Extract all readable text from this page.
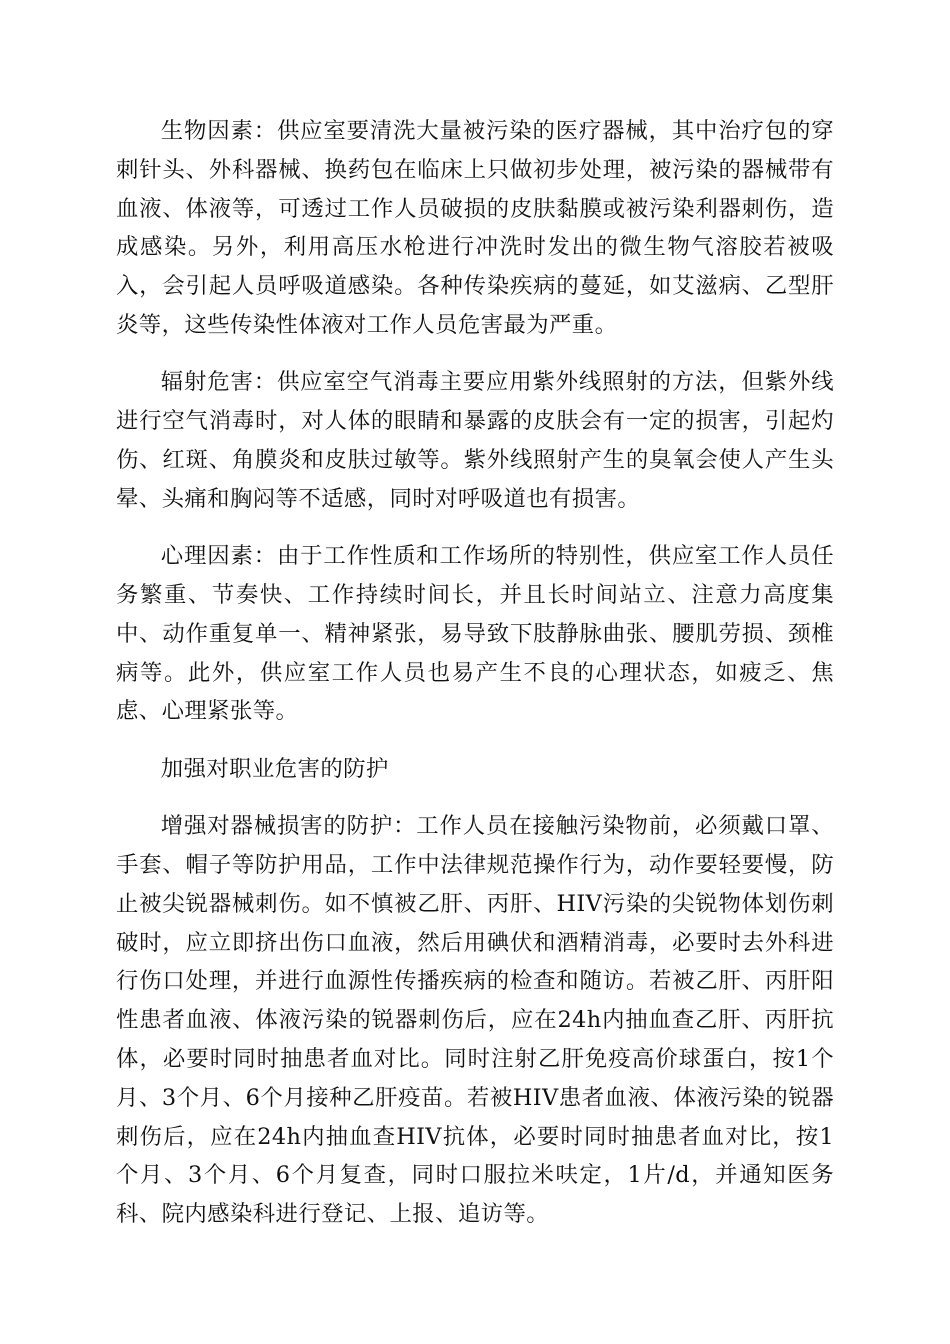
生物因素：供应室要清洗大量被污染的医疗器械，其中治疗包的穿刺针头、外科器械、换药包在临床上只做初步处理，被污染的器械带有血液、体液等，可透过工作人员破损的皮肤黏膜或被污染利器刺伤，造成感染。另外，利用高压水枪进行冲洗时发出的微生物气溶胶若被吸入，会引起人员呼吸道感染。各种传染疾病的蔓延，如艾滋病、乙型肝炎等，这些传染性体液对工作人员危害最为严重。

辐射危害：供应室空气消毒主要应用紫外线照射的方法，但紫外线进行空气消毒时，对人体的眼睛和暴露的皮肤会有一定的损害，引起灼伤、红斑、角膜炎和皮肤过敏等。紫外线照射产生的臭氧会使人产生头晕、头痛和胸闷等不适感，同时对呼吸道也有损害。

心理因素：由于工作性质和工作场所的特别性，供应室工作人员任务繁重、节奏快、工作持续时间长，并且长时间站立、注意力高度集中、动作重复单一、精神紧张，易导致下肢静脉曲张、腰肌劳损、颈椎病等。此外，供应室工作人员也易产生不良的心理状态，如疲乏、焦虑、心理紧张等。

加强对职业危害的防护

增强对器械损害的防护：工作人员在接触污染物前，必须戴口罩、手套、帽子等防护用品，工作中法律规范操作行为，动作要轻要慢，防止被尖锐器械刺伤。如不慎被乙肝、丙肝、HIV污染的尖锐物体划伤刺破时，应立即挤出伤口血液，然后用碘伏和酒精消毒，必要时去外科进行伤口处理，并进行血源性传播疾病的检查和随访。若被乙肝、丙肝阳性患者血液、体液污染的锐器刺伤后，应在24h内抽血查乙肝、丙肝抗体，必要时同时抽患者血对比。同时注射乙肝免疫高价球蛋白，按1个月、3个月、6个月接种乙肝疫苗。若被HIV患者血液、体液污染的锐器刺伤后，应在24h内抽血查HIV抗体，必要时同时抽患者血对比，按1个月、3个月、6个月复查，同时口服拉米呋定，1片/d，并通知医务科、院内感染科进行登记、上报、追访等。
